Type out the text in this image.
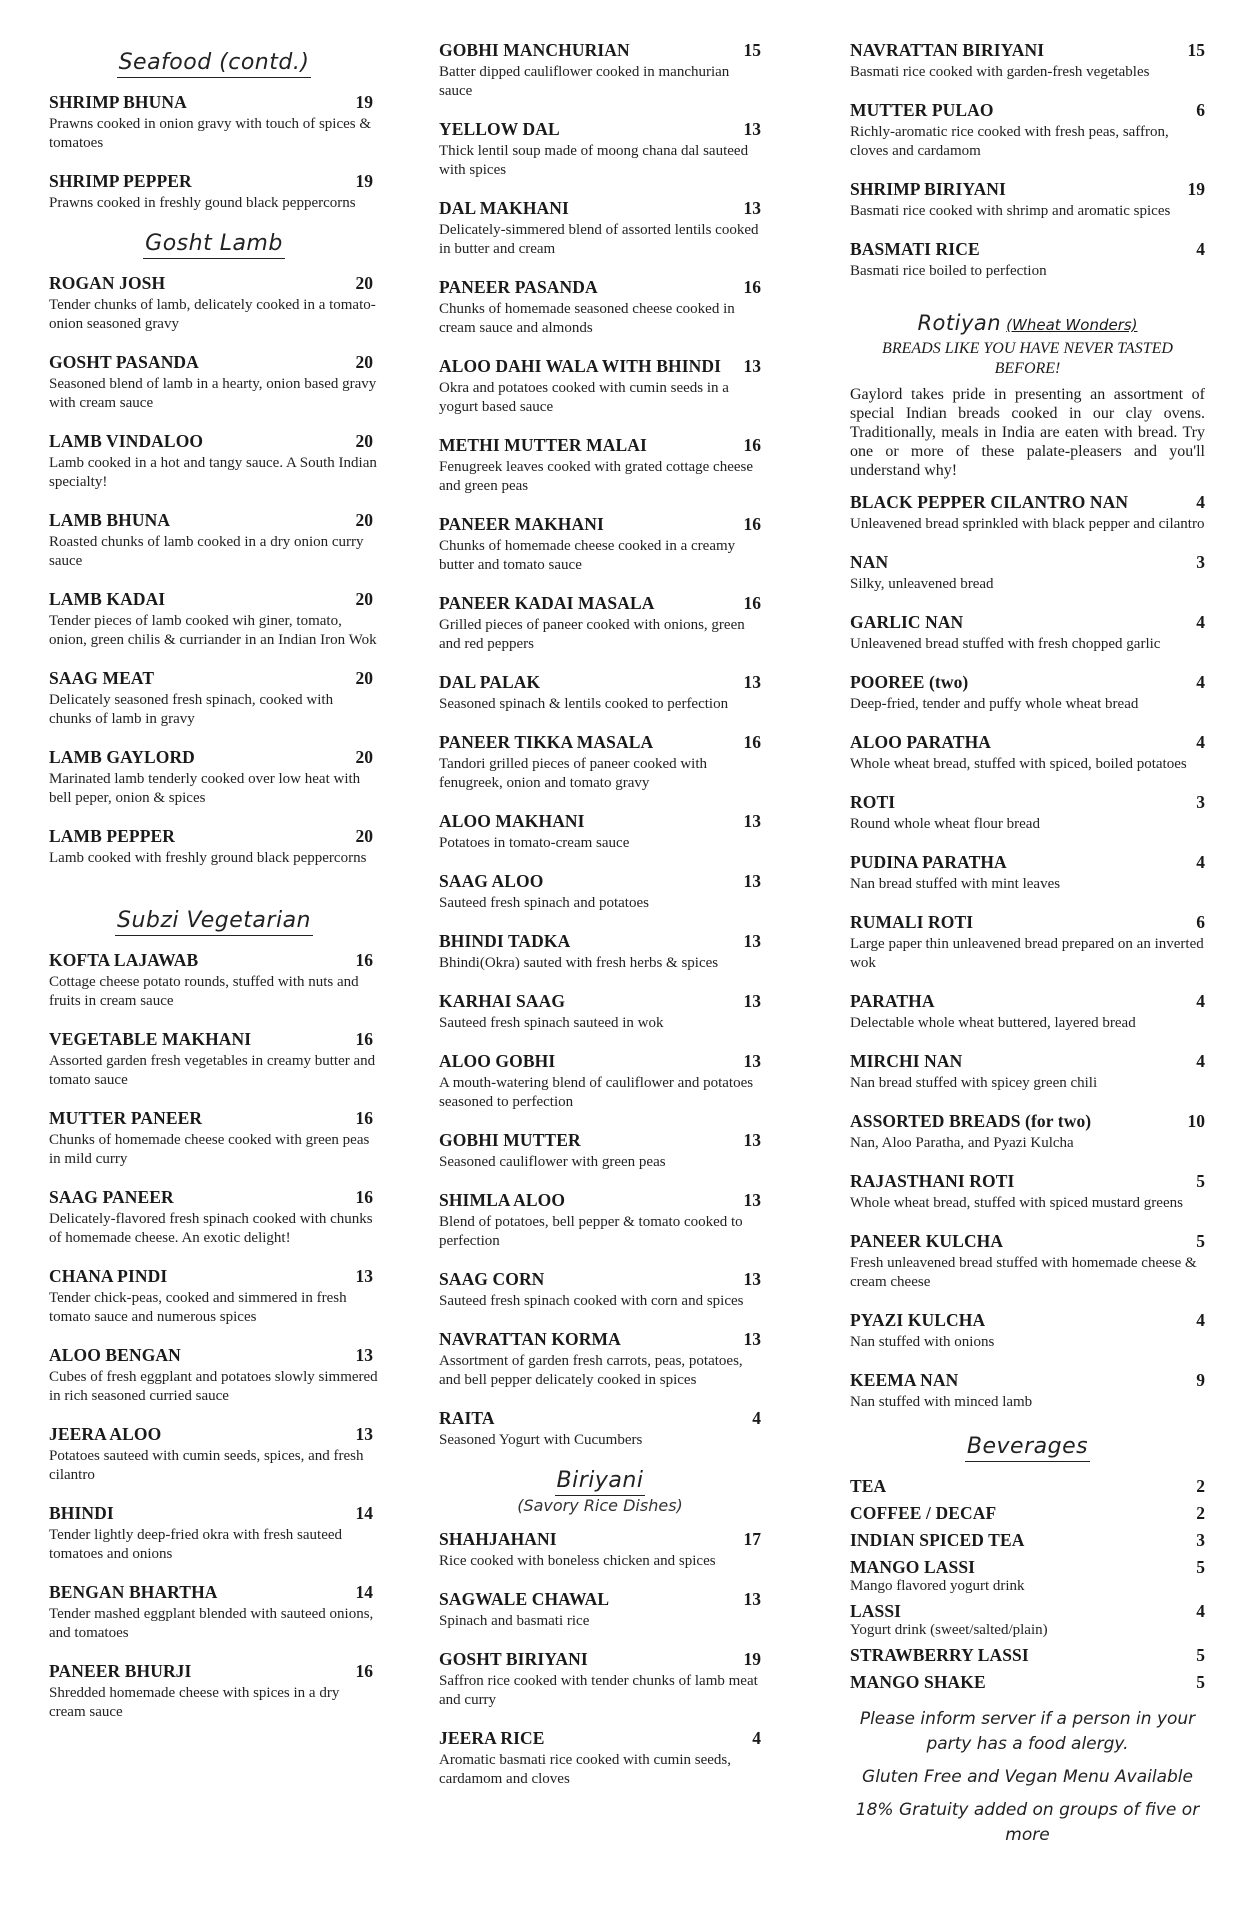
Seafood (contd.)
SHRIMP BHUNA	19
Prawns cooked in onion gravy with touch of spices & tomatoes
SHRIMP PEPPER	19
Prawns cooked in freshly gound black peppercorns
Gosht Lamb
ROGAN JOSH	20
Tender chunks of lamb, delicately cooked in a tomato-onion seasoned gravy
GOSHT PASANDA	20
Seasoned blend of lamb in a hearty, onion based gravy with cream sauce
LAMB VINDALOO	20
Lamb cooked in a hot and tangy sauce. A South Indian specialty!
LAMB BHUNA	20
Roasted chunks of lamb cooked in a dry onion curry sauce
LAMB KADAI	20
Tender pieces of lamb cooked wih giner, tomato, onion, green chilis & curriander in an Indian Iron Wok
SAAG MEAT	20
Delicately seasoned fresh spinach, cooked with chunks of lamb in gravy
LAMB GAYLORD	20
Marinated lamb tenderly cooked over low heat with bell peper, onion & spices
LAMB PEPPER	20
Lamb cooked with freshly ground black peppercorns
Subzi Vegetarian
KOFTA LAJAWAB	16
Cottage cheese potato rounds, stuffed with nuts and fruits in cream sauce
VEGETABLE MAKHANI	16
Assorted garden fresh vegetables in creamy butter and tomato sauce
MUTTER PANEER	16
Chunks of homemade cheese cooked with green peas in mild curry
SAAG PANEER	16
Delicately-flavored fresh spinach cooked with chunks of homemade cheese. An exotic delight!
CHANA PINDI	13
Tender chick-peas, cooked and simmered in fresh tomato sauce and numerous spices
ALOO BENGAN	13
Cubes of fresh eggplant and potatoes slowly simmered in rich seasoned curried sauce
JEERA ALOO	13
Potatoes sauteed with cumin seeds, spices, and fresh cilantro
BHINDI	14
Tender lightly deep-fried okra with fresh sauteed tomatoes and onions
BENGAN BHARTHA	14
Tender mashed eggplant blended with sauteed onions, and tomatoes
PANEER BHURJI	16
Shredded homemade cheese with spices in a dry cream sauce
GOBHI MANCHURIAN	15
Batter dipped cauliflower cooked in manchurian sauce
YELLOW DAL	13
Thick lentil soup made of moong chana dal sauteed with spices
DAL MAKHANI	13
Delicately-simmered blend of assorted lentils cooked in butter and cream
PANEER PASANDA	16
Chunks of homemade seasoned cheese cooked in cream sauce and almonds
ALOO DAHI WALA WITH BHINDI 13
Okra and potatoes cooked with cumin seeds in a yogurt based sauce
METHI MUTTER MALAI	16
Fenugreek leaves cooked with grated cottage cheese and green peas
PANEER MAKHANI	16
Chunks of homemade cheese cooked in a creamy butter and tomato sauce
PANEER KADAI MASALA	16
Grilled pieces of paneer cooked with onions, green and red peppers
DAL PALAK	13
Seasoned spinach & lentils cooked to perfection
PANEER TIKKA MASALA	16
Tandori grilled pieces of paneer cooked with fenugreek, onion and tomato gravy
ALOO MAKHANI	13
Potatoes in tomato-cream sauce
SAAG ALOO	13
Sauteed fresh spinach and potatoes
BHINDI TADKA	13
Bhindi(Okra) sauted with fresh herbs & spices
KARHAI SAAG	13
Sauteed fresh spinach sauteed in wok
ALOO GOBHI	13
A mouth-watering blend of cauliflower and potatoes seasoned to perfection
GOBHI MUTTER	13
Seasoned cauliflower with green peas
SHIMLA ALOO	13
Blend of potatoes, bell pepper & tomato cooked to perfection
SAAG CORN	13
Sauteed fresh spinach cooked with corn and spices
NAVRATTAN KORMA	13
Assortment of garden fresh carrots, peas, potatoes, and bell pepper delicately cooked in spices
RAITA	4
Seasoned Yogurt with Cucumbers
Biriyani
(Savory Rice Dishes)
SHAHJAHANI	17
Rice cooked with boneless chicken and spices
SAGWALE CHAWAL	13
Spinach and basmati rice
GOSHT BIRIYANI	19
Saffron rice cooked with tender chunks of lamb meat and curry
JEERA RICE	4
Aromatic basmati rice cooked with cumin seeds, cardamom and cloves
NAVRATTAN BIRIYANI	15
Basmati rice cooked with garden-fresh vegetables
MUTTER PULAO	6
Richly-aromatic rice cooked with fresh peas, saffron, cloves and cardamom
SHRIMP BIRIYANI	19
Basmati rice cooked with shrimp and aromatic spices
BASMATI RICE	4
Basmati rice boiled to perfection
Rotiyan (Wheat Wonders)
BREADS LIKE YOU HAVE NEVER TASTED BEFORE!
Gaylord takes pride in presenting an assortment of special Indian breads cooked in our clay ovens. Traditionally, meals in India are eaten with bread. Try one or more of these palate-pleasers and you'll understand why!
BLACK PEPPER CILANTRO NAN	4
Unleavened bread sprinkled with black pepper and cilantro
NAN	3
Silky, unleavened bread
GARLIC NAN	4
Unleavened bread stuffed with fresh chopped garlic
POOREE (two)	4
Deep-fried, tender and puffy whole wheat bread
ALOO PARATHA	4
Whole wheat bread, stuffed with spiced, boiled potatoes
ROTI	3
Round whole wheat flour bread
PUDINA PARATHA	4
Nan bread stuffed with mint leaves
RUMALI ROTI	6
Large paper thin unleavened bread prepared on an inverted wok
PARATHA	4
Delectable whole wheat buttered, layered bread
MIRCHI NAN	4
Nan bread stuffed with spicey green chili
ASSORTED BREADS (for two)	10
Nan, Aloo Paratha, and Pyazi Kulcha
RAJASTHANI ROTI	5
Whole wheat bread, stuffed with spiced mustard greens
PANEER KULCHA	5
Fresh unleavened bread stuffed with homemade cheese & cream cheese
PYAZI KULCHA	4
Nan stuffed with onions
KEEMA NAN	9
Nan stuffed with minced lamb
Beverages
TEA	2
COFFEE / DECAF	2
INDIAN SPICED TEA	3
MANGO LASSI	5
Mango flavored yogurt drink
LASSI	4
Yogurt drink (sweet/salted/plain)
STRAWBERRY LASSI	5
MANGO SHAKE	5
Please inform server if a person in your party has a food alergy.
Gluten Free and Vegan Menu Available
18% Gratuity added on groups of five or more
